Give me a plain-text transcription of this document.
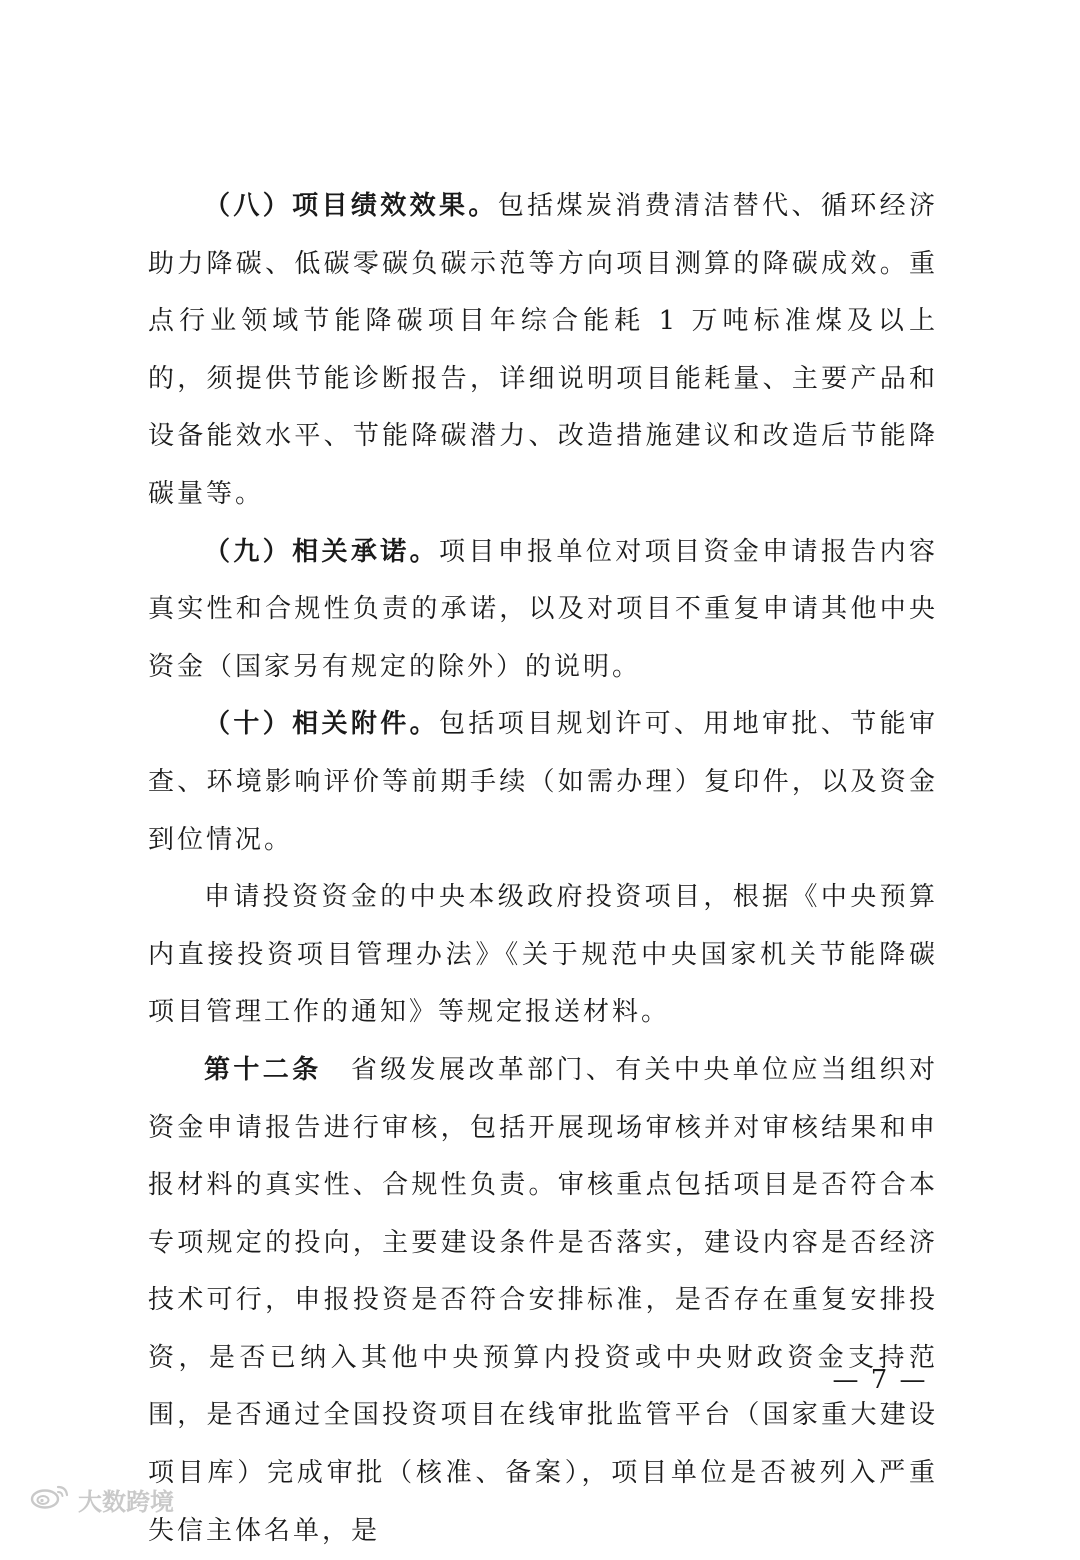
（八）项目绩效效果。包括煤炭消费清洁替代、循环经济助力降碳、低碳零碳负碳示范等方向项目测算的降碳成效。重点行业领域节能降碳项目年综合能耗 1 万吨标准煤及以上的，须提供节能诊断报告，详细说明项目能耗量、主要产品和设备能效水平、节能降碳潜力、改造措施建议和改造后节能降碳量等。

（九）相关承诺。项目申报单位对项目资金申请报告内容真实性和合规性负责的承诺，以及对项目不重复申请其他中央资金（国家另有规定的除外）的说明。

（十）相关附件。包括项目规划许可、用地审批、节能审查、环境影响评价等前期手续（如需办理）复印件，以及资金到位情况。

申请投资资金的中央本级政府投资项目，根据《中央预算内直接投资项目管理办法》《关于规范中央国家机关节能降碳项目管理工作的通知》等规定报送材料。

第十二条　省级发展改革部门、有关中央单位应当组织对资金申请报告进行审核，包括开展现场审核并对审核结果和申报材料的真实性、合规性负责。审核重点包括项目是否符合本专项规定的投向，主要建设条件是否落实，建设内容是否经济技术可行，申报投资是否符合安排标准，是否存在重复安排投资，是否已纳入其他中央预算内投资或中央财政资金支持范围，是否通过全国投资项目在线审批监管平台（国家重大建设项目库）完成审批（核准、备案），项目单位是否被列入严重失信主体名单，是

— 7 —
大数跨境
